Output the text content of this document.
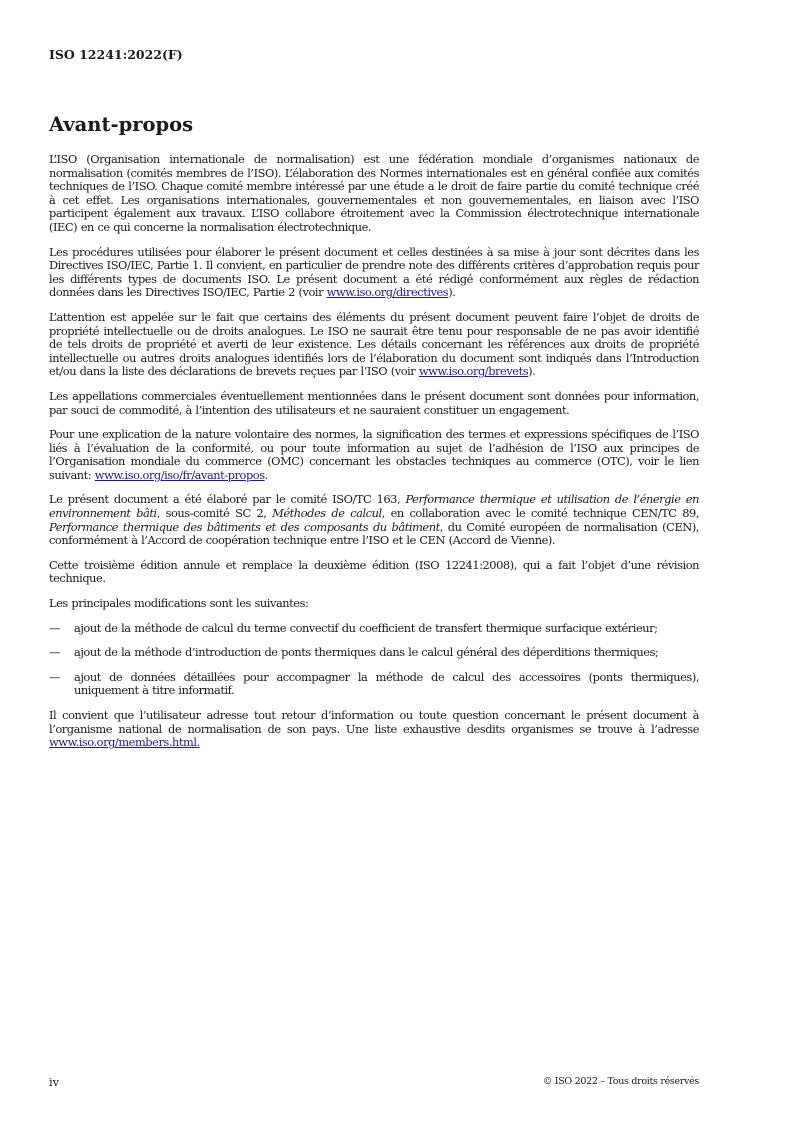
ISO 12241:2022(F)
Avant-propos

L’ISO (Organisation internationale de normalisation) est une fédération mondiale d’organismes nationaux de normalisation (comités membres de l’ISO). L’élaboration des Normes internationales est en général confiée aux comités techniques de l’ISO. Chaque comité membre intéressé par une étude a le droit de faire partie du comité technique créé à cet effet. Les organisations internationales, gouvernementales et non gouvernementales, en liaison avec l’ISO participent également aux travaux. L’ISO collabore étroitement avec la Commission électrotechnique internationale (IEC) en ce qui concerne la normalisation électrotechnique.

Les procédures utilisées pour élaborer le présent document et celles destinées à sa mise à jour sont décrites dans les Directives ISO/IEC, Partie 1. Il convient, en particulier de prendre note des différents critères d’approbation requis pour les différents types de documents ISO. Le présent document a été rédigé conformément aux règles de rédaction données dans les Directives ISO/IEC, Partie 2 (voir www.iso.org/directives).

L’attention est appelée sur le fait que certains des éléments du présent document peuvent faire l’objet de droits de propriété intellectuelle ou de droits analogues. Le ISO ne saurait être tenu pour responsable de ne pas avoir identifié de tels droits de propriété et averti de leur existence. Les détails concernant les références aux droits de propriété intellectuelle ou autres droits analogues identifiés lors de l’élaboration du document sont indiqués dans l’Introduction et/ou dans la liste des déclarations de brevets reçues par l’ISO (voir www.iso.org/brevets).

Les appellations commerciales éventuellement mentionnées dans le présent document sont données pour information, par souci de commodité, à l’intention des utilisateurs et ne sauraient constituer un engagement.

Pour une explication de la nature volontaire des normes, la signification des termes et expressions spécifiques de l’ISO liés à l’évaluation de la conformité, ou pour toute information au sujet de l’adhésion de l’ISO aux principes de l’Organisation mondiale du commerce (OMC) concernant les obstacles techniques au commerce (OTC), voir le lien suivant: www.iso.org/iso/fr/avant-propos.

Le présent document a été élaboré par le comité ISO/TC 163, Performance thermique et utilisation de l’énergie en environnement bâti, sous-comité SC 2, Méthodes de calcul, en collaboration avec le comité technique CEN/TC 89, Performance thermique des bâtiments et des composants du bâtiment, du Comité européen de normalisation (CEN), conformément à l’Accord de coopération technique entre l’ISO et le CEN (Accord de Vienne).

Cette troisième édition annule et remplace la deuxième édition (ISO 12241:2008), qui a fait l’objet d’une révision technique.

Les principales modifications sont les suivantes:

— ajout de la méthode de calcul du terme convectif du coefficient de transfert thermique surfacique extérieur;
— ajout de la méthode d’introduction de ponts thermiques dans le calcul général des déperditions thermiques;
— ajout de données détaillées pour accompagner la méthode de calcul des accessoires (ponts thermiques), uniquement à titre informatif.

Il convient que l’utilisateur adresse tout retour d’information ou toute question concernant le présent document à l’organisme national de normalisation de son pays. Une liste exhaustive desdits organismes se trouve à l’adresse www.iso.org/members.html.

iv	© ISO 2022 – Tous droits réservés
